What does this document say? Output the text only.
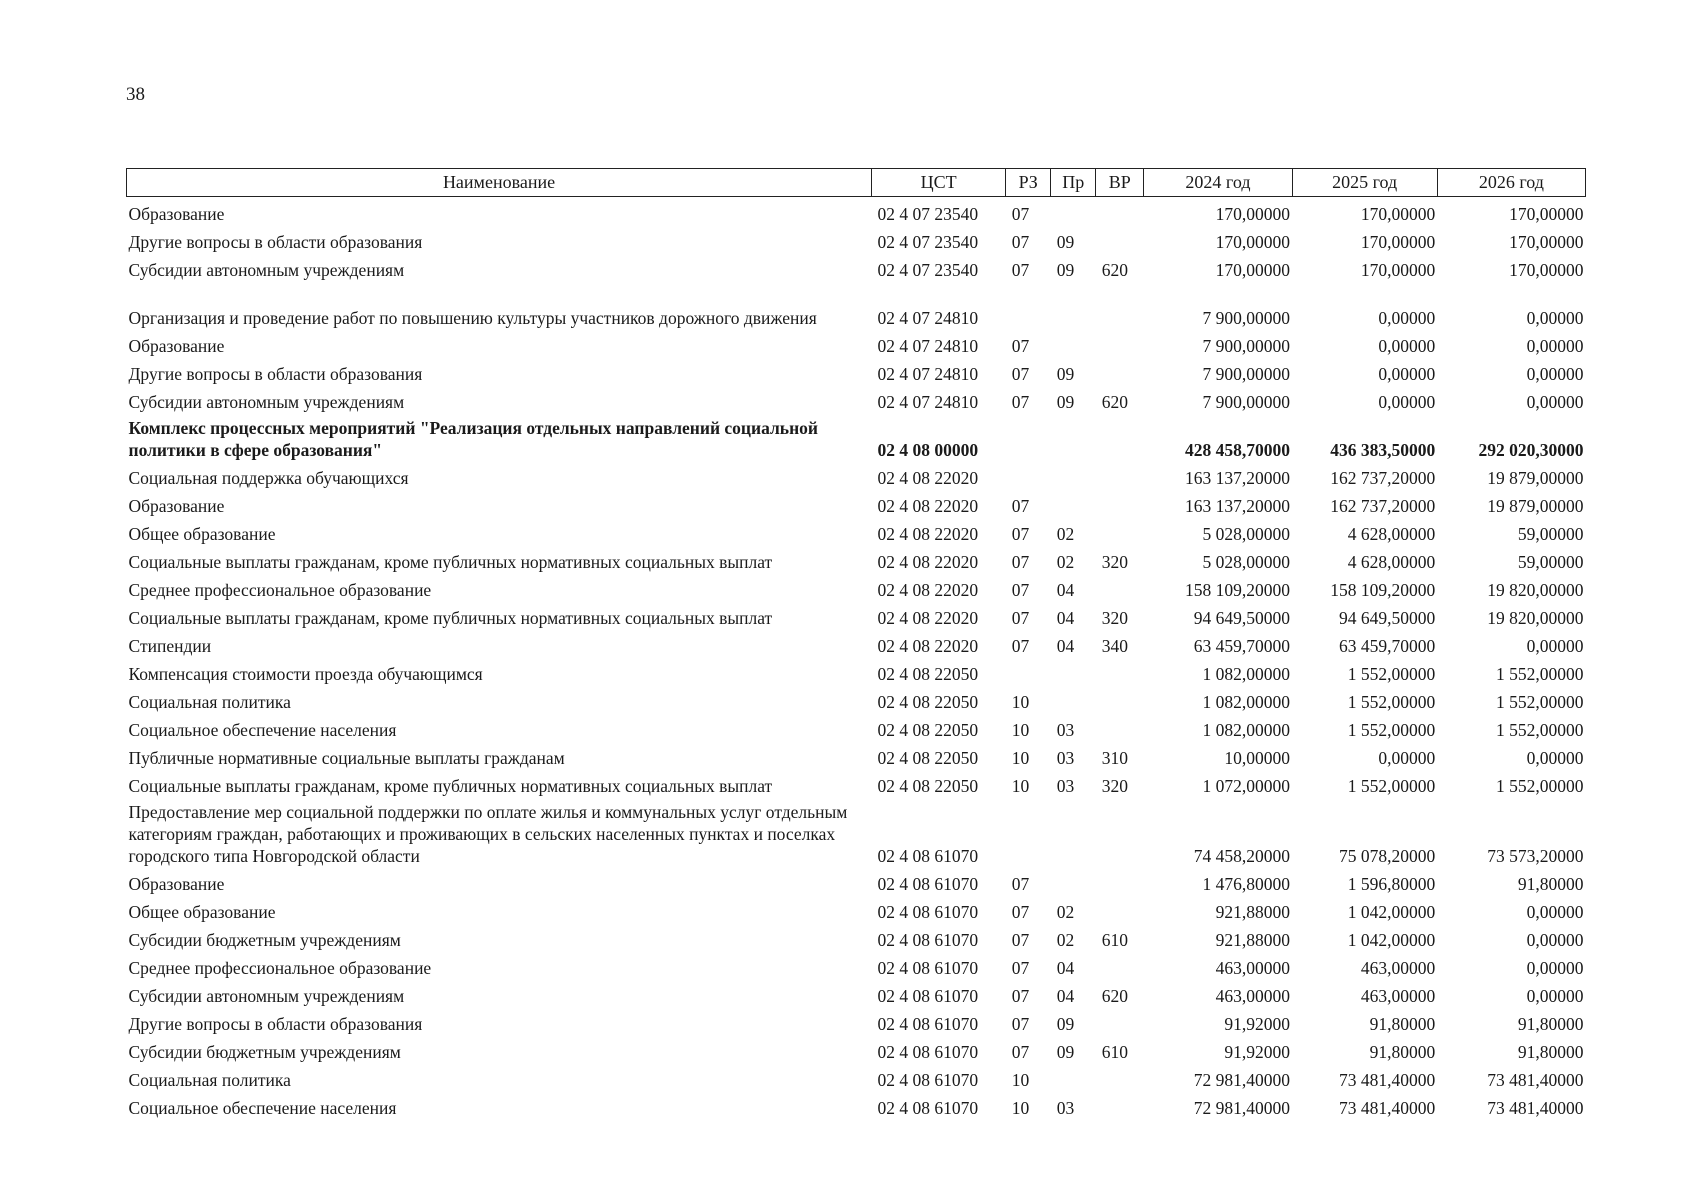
38
Наименование	ЦСТ	РЗ	Пр	ВР	2024 год	2025 год	2026 год
Образование	02 4 07 23540	07			170,00000	170,00000	170,00000
Другие вопросы в области образования	02 4 07 23540	07	09		170,00000	170,00000	170,00000
Субсидии автономным учреждениям	02 4 07 23540	07	09	620	170,00000	170,00000	170,00000
Организация и проведение работ по повышению культуры участников дорожного движения	02 4 07 24810				7 900,00000	0,00000	0,00000
Образование	02 4 07 24810	07			7 900,00000	0,00000	0,00000
Другие вопросы в области образования	02 4 07 24810	07	09		7 900,00000	0,00000	0,00000
Субсидии автономным учреждениям	02 4 07 24810	07	09	620	7 900,00000	0,00000	0,00000
Комплекс процессных мероприятий "Реализация отдельных направлений социальной политики в сфере образования"	02 4 08 00000				428 458,70000	436 383,50000	292 020,30000
Социальная поддержка обучающихся	02 4 08 22020				163 137,20000	162 737,20000	19 879,00000
Образование	02 4 08 22020	07			163 137,20000	162 737,20000	19 879,00000
Общее образование	02 4 08 22020	07	02		5 028,00000	4 628,00000	59,00000
Социальные выплаты гражданам, кроме публичных нормативных социальных выплат	02 4 08 22020	07	02	320	5 028,00000	4 628,00000	59,00000
Среднее профессиональное образование	02 4 08 22020	07	04		158 109,20000	158 109,20000	19 820,00000
Социальные выплаты гражданам, кроме публичных нормативных социальных выплат	02 4 08 22020	07	04	320	94 649,50000	94 649,50000	19 820,00000
Стипендии	02 4 08 22020	07	04	340	63 459,70000	63 459,70000	0,00000
Компенсация стоимости проезда обучающимся	02 4 08 22050				1 082,00000	1 552,00000	1 552,00000
Социальная политика	02 4 08 22050	10			1 082,00000	1 552,00000	1 552,00000
Социальное обеспечение населения	02 4 08 22050	10	03		1 082,00000	1 552,00000	1 552,00000
Публичные нормативные социальные выплаты гражданам	02 4 08 22050	10	03	310	10,00000	0,00000	0,00000
Социальные выплаты гражданам, кроме публичных нормативных социальных выплат	02 4 08 22050	10	03	320	1 072,00000	1 552,00000	1 552,00000
Предоставление мер социальной поддержки по оплате жилья и коммунальных услуг отдельным категориям граждан, работающих и проживающих в сельских населенных пунктах и поселках городского типа Новгородской области	02 4 08 61070				74 458,20000	75 078,20000	73 573,20000
Образование	02 4 08 61070	07			1 476,80000	1 596,80000	91,80000
Общее образование	02 4 08 61070	07	02		921,88000	1 042,00000	0,00000
Субсидии бюджетным учреждениям	02 4 08 61070	07	02	610	921,88000	1 042,00000	0,00000
Среднее профессиональное образование	02 4 08 61070	07	04		463,00000	463,00000	0,00000
Субсидии автономным учреждениям	02 4 08 61070	07	04	620	463,00000	463,00000	0,00000
Другие вопросы в области образования	02 4 08 61070	07	09		91,92000	91,80000	91,80000
Субсидии бюджетным учреждениям	02 4 08 61070	07	09	610	91,92000	91,80000	91,80000
Социальная политика	02 4 08 61070	10			72 981,40000	73 481,40000	73 481,40000
Социальное обеспечение населения	02 4 08 61070	10	03		72 981,40000	73 481,40000	73 481,40000
